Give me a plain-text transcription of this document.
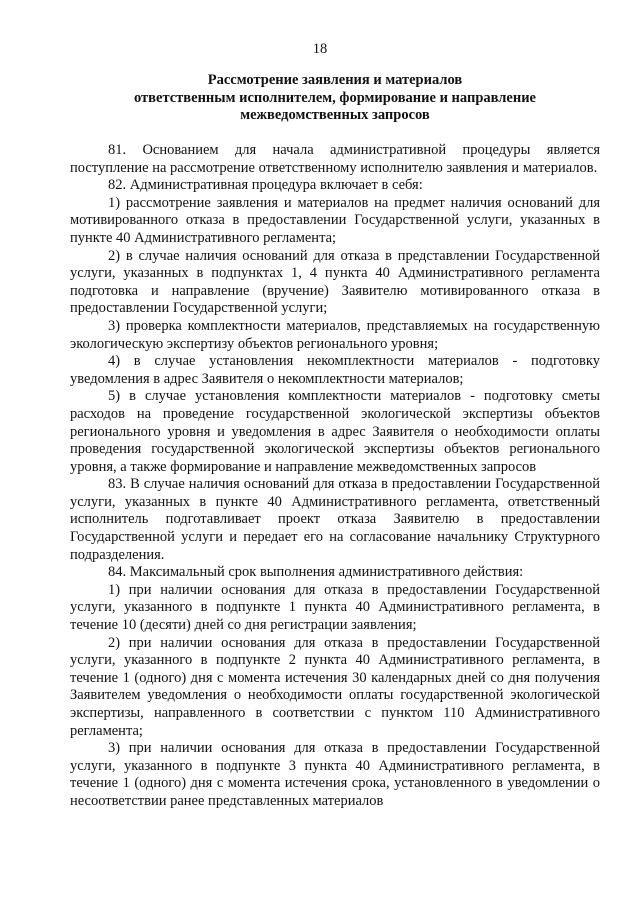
18
Рассмотрение заявления и материалов
ответственным исполнителем, формирование и направление
межведомственных запросов

81. Основанием для начала административной процедуры является поступление на рассмотрение ответственному исполнителю заявления и материалов.

82. Административная процедура включает в себя:

1) рассмотрение заявления и материалов на предмет наличия оснований для мотивированного отказа в предоставлении Государственной услуги, указанных в пункте 40 Административного регламента;

2) в случае наличия оснований для отказа в представлении Государственной услуги, указанных в подпунктах 1, 4 пункта 40 Административного регламента подготовка и направление (вручение) Заявителю мотивированного отказа в предоставлении Государственной услуги;

3) проверка комплектности материалов, представляемых на государственную экологическую экспертизу объектов регионального уровня;

4) в случае установления некомплектности материалов - подготовку уведомления в адрес Заявителя о некомплектности материалов;

5) в случае установления комплектности материалов - подготовку сметы расходов на проведение государственной экологической экспертизы объектов регионального уровня и уведомления в адрес Заявителя о необходимости оплаты проведения государственной экологической экспертизы объектов регионального уровня, а также формирование и направление межведомственных запросов

83. В случае наличия оснований для отказа в предоставлении Государственной услуги, указанных в пункте 40 Административного регламента, ответственный исполнитель подготавливает проект отказа Заявителю в предоставлении Государственной услуги и передает его на согласование начальнику Структурного подразделения.

84. Максимальный срок выполнения административного действия:

1) при наличии основания для отказа в предоставлении Государственной услуги, указанного в подпункте 1 пункта 40 Административного регламента, в течение 10 (десяти) дней со дня регистрации заявления;

2) при наличии основания для отказа в предоставлении Государственной услуги, указанного в подпункте 2 пункта 40 Административного регламента, в течение 1 (одного) дня с момента истечения 30 календарных дней со дня получения Заявителем уведомления о необходимости оплаты государственной экологической экспертизы, направленного в соответствии с пунктом 110 Административного регламента;

3) при наличии основания для отказа в предоставлении Государственной услуги, указанного в подпункте 3 пункта 40 Административного регламента, в течение 1 (одного) дня с момента истечения срока, установленного в уведомлении о несоответствии ранее представленных материалов
